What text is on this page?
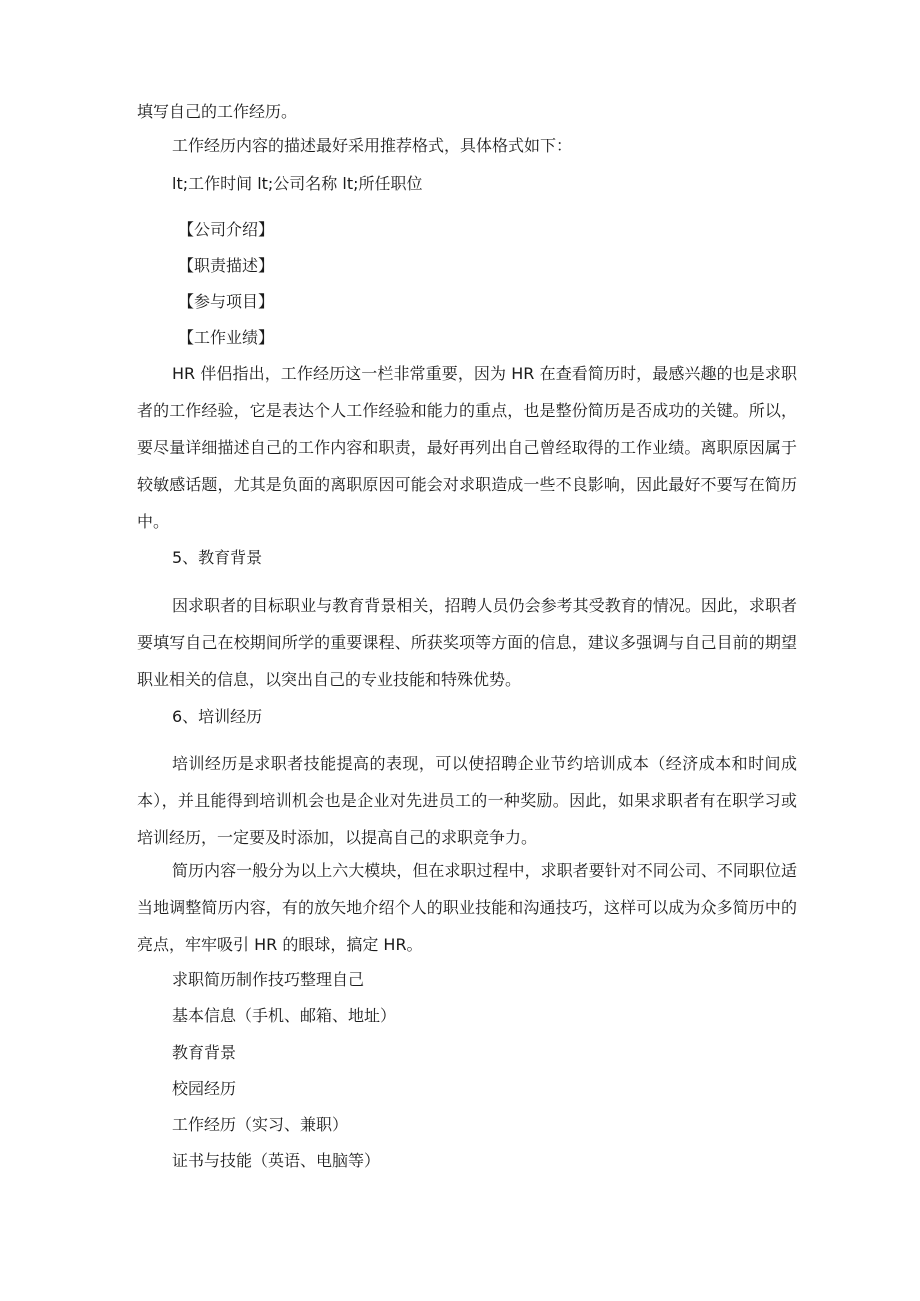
填写自己的工作经历。

工作经历内容的描述最好采用推荐格式，具体格式如下：

lt;工作时间 lt;公司名称 lt;所任职位

【公司介绍】

【职责描述】

【参与项目】

【工作业绩】

HR 伴侣指出，工作经历这一栏非常重要，因为 HR 在查看简历时，最感兴趣的也是求职者的工作经验，它是表达个人工作经验和能力的重点，也是整份简历是否成功的关键。所以，要尽量详细描述自己的工作内容和职责，最好再列出自己曾经取得的工作业绩。离职原因属于较敏感话题，尤其是负面的离职原因可能会对求职造成一些不良影响，因此最好不要写在简历中。

5、教育背景

因求职者的目标职业与教育背景相关，招聘人员仍会参考其受教育的情况。因此，求职者要填写自己在校期间所学的重要课程、所获奖项等方面的信息，建议多强调与自己目前的期望职业相关的信息，以突出自己的专业技能和特殊优势。

6、培训经历

培训经历是求职者技能提高的表现，可以使招聘企业节约培训成本（经济成本和时间成本），并且能得到培训机会也是企业对先进员工的一种奖励。因此，如果求职者有在职学习或培训经历，一定要及时添加，以提高自己的求职竞争力。

简历内容一般分为以上六大模块，但在求职过程中，求职者要针对不同公司、不同职位适当地调整简历内容，有的放矢地介绍个人的职业技能和沟通技巧，这样可以成为众多简历中的亮点，牢牢吸引 HR 的眼球，搞定 HR。

求职简历制作技巧整理自己

基本信息（手机、邮箱、地址）

教育背景

校园经历

工作经历（实习、兼职）

证书与技能（英语、电脑等）
